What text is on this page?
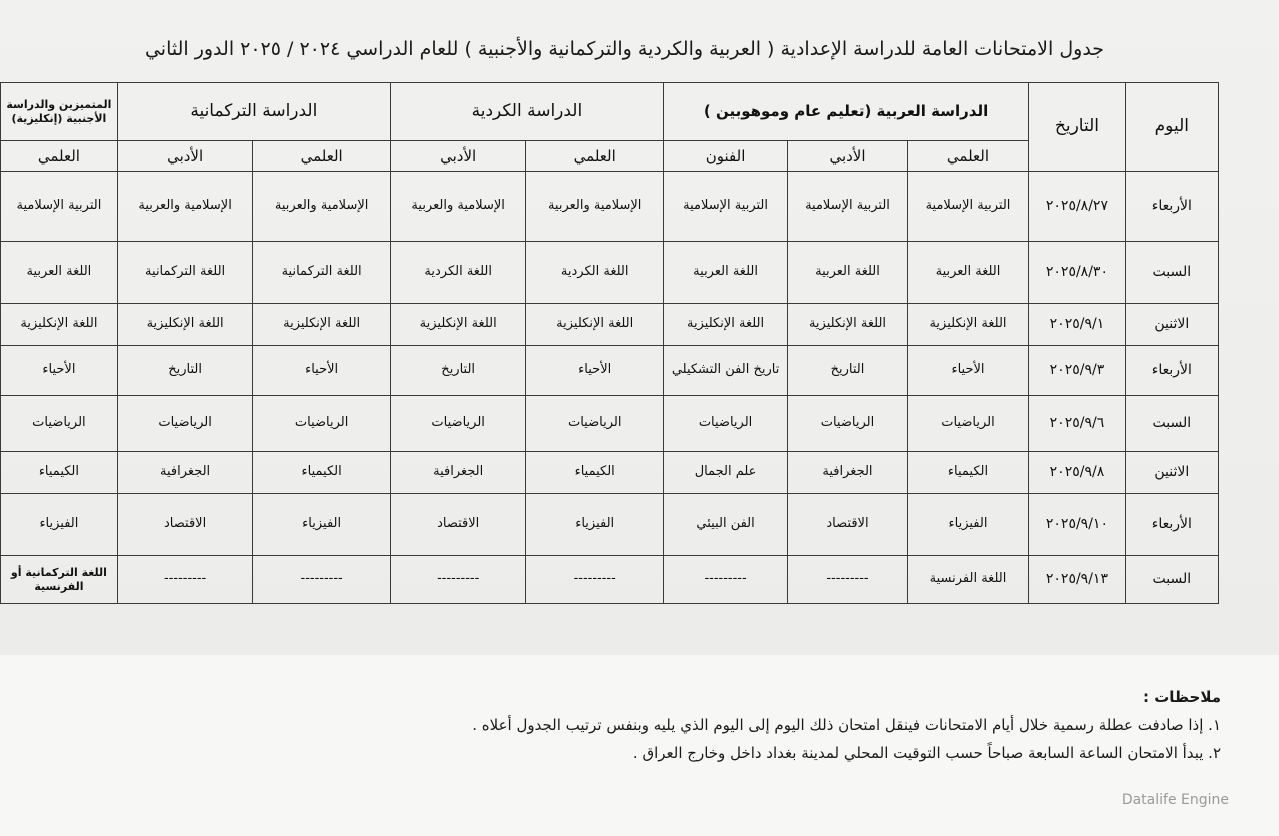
جدول الامتحانات العامة للدراسة الإعدادية ( العربية والكردية والتركمانية والأجنبية ) للعام الدراسي ٢٠٢٤ / ٢٠٢٥ الدور الثاني
اليوم	التاريخ	الدراسة العربية (تعليم عام وموهوبين )			الدراسة الكردية		الدراسة التركمانية		المتميزين والدراسة الأجنبية (إنكليزية)
		العلمي	الأدبي	الفنون	العلمي	الأدبي	العلمي	الأدبي	العلمي
الأربعاء	٢٠٢٥/٨/٢٧	التربية الإسلامية	التربية الإسلامية	التربية الإسلامية	الإسلامية والعربية	الإسلامية والعربية	الإسلامية والعربية	الإسلامية والعربية	التربية الإسلامية
السبت	٢٠٢٥/٨/٣٠	اللغة العربية	اللغة العربية	اللغة العربية	اللغة الكردية	اللغة الكردية	اللغة التركمانية	اللغة التركمانية	اللغة العربية
الاثنين	٢٠٢٥/٩/١	اللغة الإنكليزية	اللغة الإنكليزية	اللغة الإنكليزية	اللغة الإنكليزية	اللغة الإنكليزية	اللغة الإنكليزية	اللغة الإنكليزية	اللغة الإنكليزية
الأربعاء	٢٠٢٥/٩/٣	الأحياء	التاريخ	تاريخ الفن التشكيلي	الأحياء	التاريخ	الأحياء	التاريخ	الأحياء
السبت	٢٠٢٥/٩/٦	الرياضيات	الرياضيات	الرياضيات	الرياضيات	الرياضيات	الرياضيات	الرياضيات	الرياضيات
الاثنين	٢٠٢٥/٩/٨	الكيمياء	الجغرافية	علم الجمال	الكيمياء	الجغرافية	الكيمياء	الجغرافية	الكيمياء
الأربعاء	٢٠٢٥/٩/١٠	الفيزياء	الاقتصاد	الفن البيئي	الفيزياء	الاقتصاد	الفيزياء	الاقتصاد	الفيزياء
السبت	٢٠٢٥/٩/١٣	اللغة الفرنسية	---------	---------	---------	---------	---------	---------	اللغة التركمانية أو الفرنسية
ملاحظات :
١. إذا صادفت عطلة رسمية خلال أيام الامتحانات فينقل امتحان ذلك اليوم إلى اليوم الذي يليه وبنفس ترتيب الجدول أعلاه .
٢. يبدأ الامتحان الساعة السابعة صباحاً حسب التوقيت المحلي لمدينة بغداد داخل وخارج العراق .
Datalife Engine
